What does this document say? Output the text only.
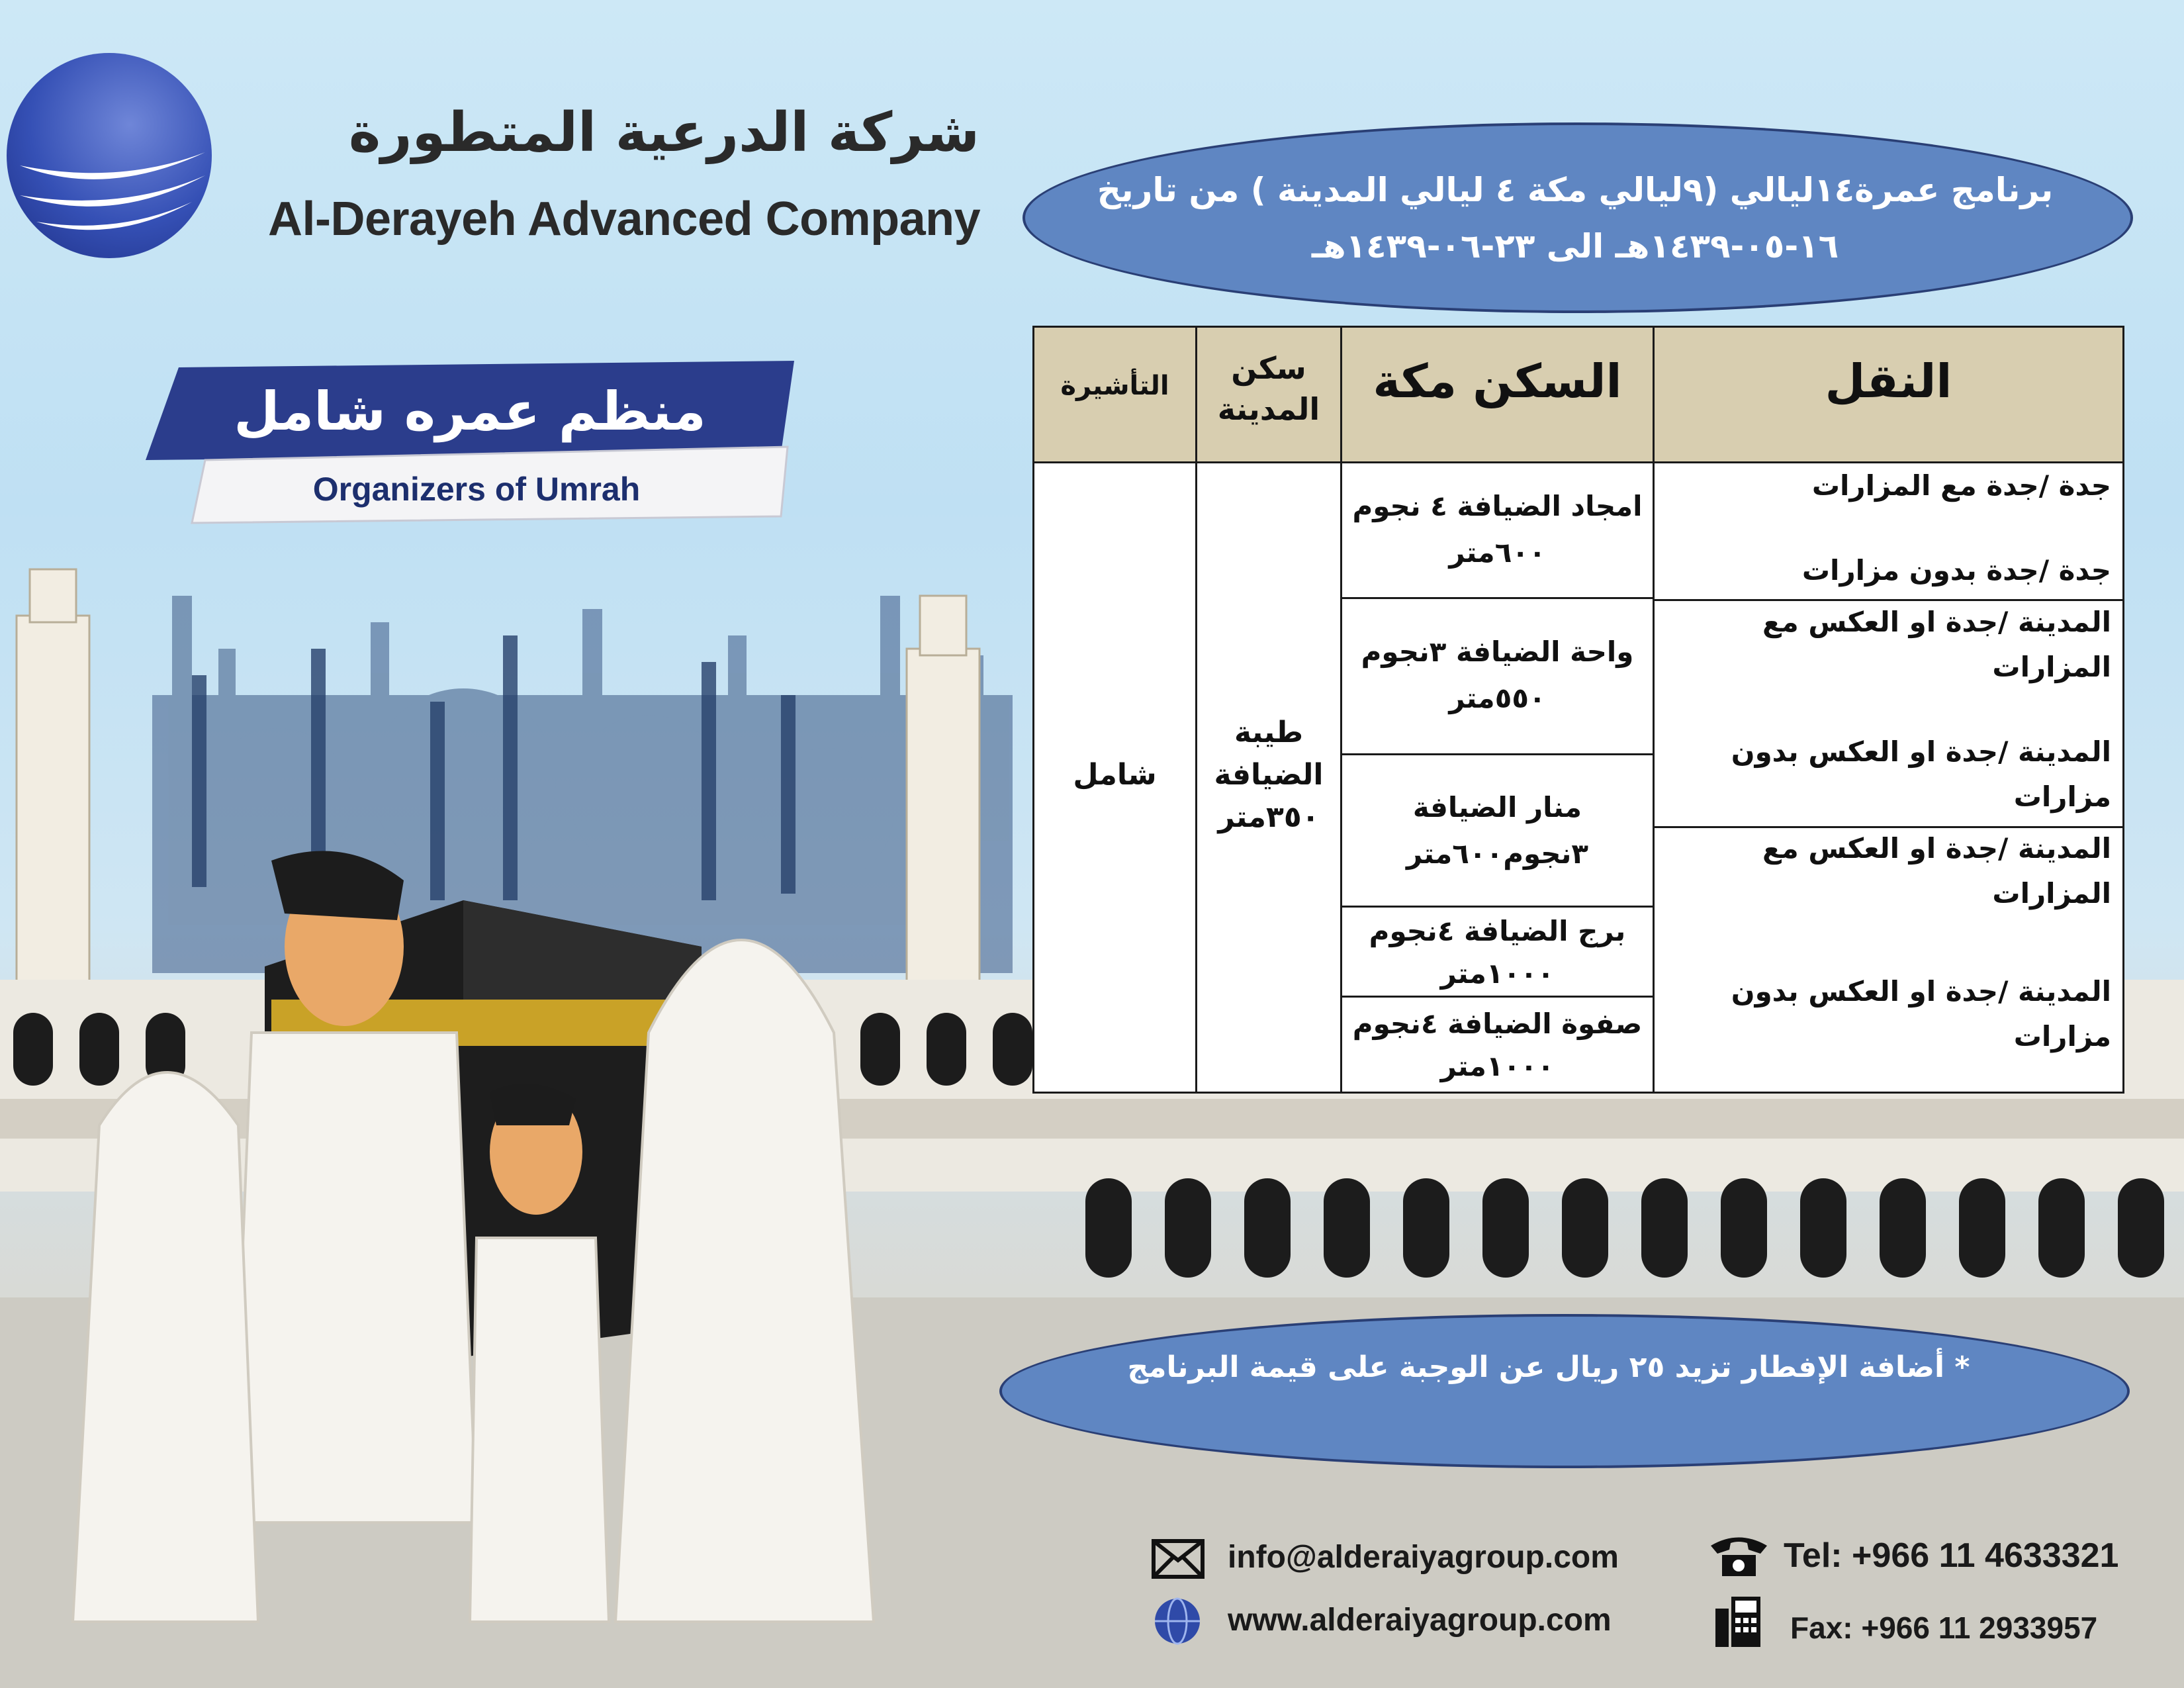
شركة الدرعية المتطورة
Al-Derayeh Advanced Company
منظم عمره شامل
Organizers of Umrah
برنامج عمرة١٤ليالي (٩ليالي مكة ٤ ليالي المدينة ) من تاريخ
١٦-٠٥-١٤٣٩هـ الى ٢٣-٠٦-١٤٣٩هـ
النقل
السكن مكة
سكن المدينة
التأشيرة
جدة /جدة مع المزارات
جدة /جدة بدون مزارات
المدينة /جدة او العكس مع
المزارات
المدينة /جدة او العكس بدون
مزارات
المدينة /جدة او العكس مع
المزارات
المدينة /جدة او العكس بدون
مزارات
امجاد الضيافة ٤ نجوم
٦٠٠متر
واحة الضيافة ٣نجوم
٥٥٠متر
منار الضيافة
٣نجوم٦٠٠متر
برج الضيافة ٤نجوم
١٠٠٠متر
صفوة الضيافة ٤نجوم
١٠٠٠متر
طيبة
الضيافة
٣٥٠متر
شامل
* أضافة الإفطار تزيد ٢٥ ريال عن الوجبة على قيمة البرنامج
info@alderaiyagroup.com
www.alderaiyagroup.com
Tel: +966 11 4633321
Fax: +966 11 2933957
